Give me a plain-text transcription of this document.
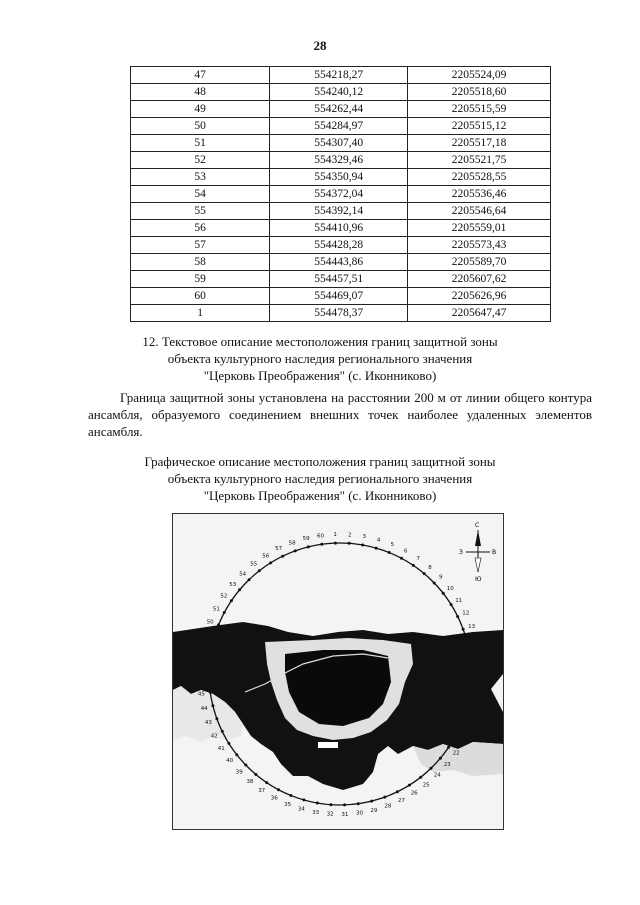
28
47	554218,27	2205524,09
48	554240,12	2205518,60
49	554262,44	2205515,59
50	554284,97	2205515,12
51	554307,40	2205517,18
52	554329,46	2205521,75
53	554350,94	2205528,55
54	554372,04	2205536,46
55	554392,14	2205546,64
56	554410,96	2205559,01
57	554428,28	2205573,43
58	554443,86	2205589,70
59	554457,51	2205607,62
60	554469,07	2205626,96
1	554478,37	2205647,47
12. Текстовое описание местоположения границ защитной зоны
объекта культурного наследия регионального значения
"Церковь Преображения" (с. Иконниково)
Граница защитной зоны установлена на расстоянии 200 м от линии общего контура ансамбля, образуемого соединением внешних точек наиболее удаленных элементов ансамбля.
Графическое описание местоположения границ защитной зоны
объекта культурного наследия регионального значения
"Церковь Преображения" (с. Иконниково)
1 2 3
4
5
6
7
8
9
10
11
12
13
14
15
16
17
18
19
20
21
22
23
24
25
26
27
28
29
30
31
32
33
34
35
36
37
38
39
40
41
42
43
44
45
46
47
48
49
50
51
52
53
54
55
56
57
58
59 60
С
Ю
З	В
